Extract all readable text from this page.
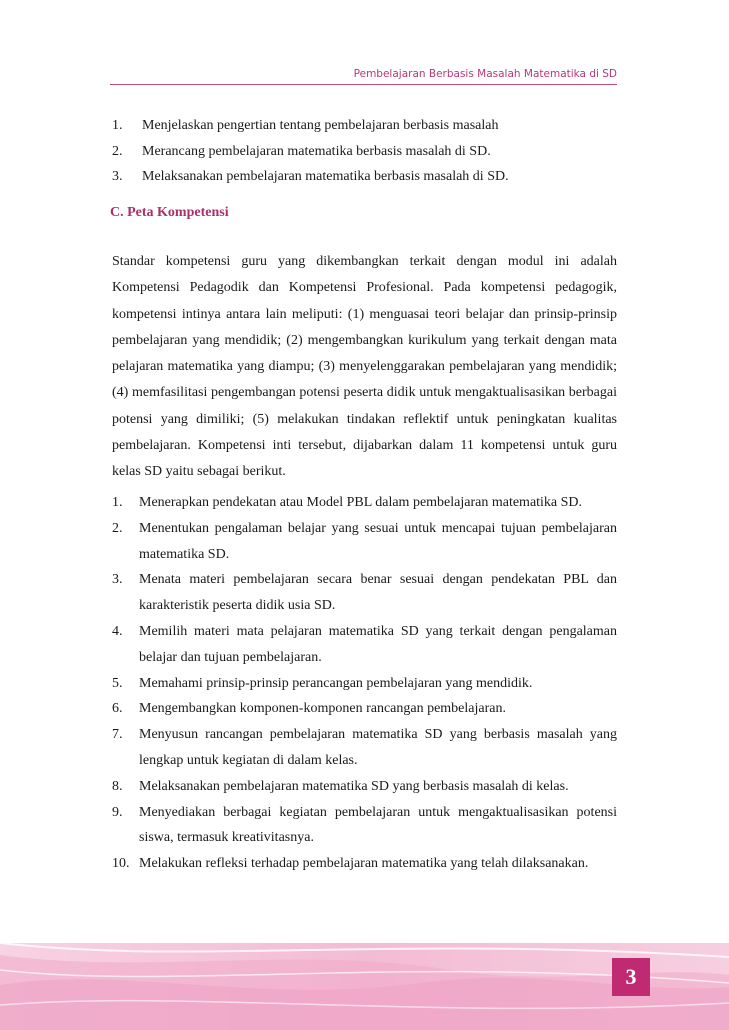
Pembelajaran Berbasis Masalah Matematika di SD
1.	Menjelaskan pengertian tentang pembelajaran berbasis masalah
2.	Merancang pembelajaran matematika berbasis masalah di SD.
3.	Melaksanakan pembelajaran matematika berbasis masalah di SD.
C. Peta Kompetensi

Standar kompetensi guru yang dikembangkan terkait dengan modul ini adalah Kompetensi Pedagodik dan Kompetensi Profesional. Pada kompetensi pedagogik, kompetensi intinya antara lain meliputi: (1) menguasai teori belajar dan prinsip-prinsip pembelajaran yang mendidik; (2) mengembangkan kurikulum yang terkait dengan mata pelajaran matematika yang diampu; (3) menyelenggarakan pembelajaran yang mendidik; (4) memfasilitasi pengembangan potensi peserta didik untuk mengaktualisasikan berbagai potensi yang dimiliki; (5) melakukan tindakan reflektif untuk peningkatan kualitas pembelajaran. Kompetensi inti tersebut, dijabarkan dalam 11 kompetensi untuk guru kelas SD yaitu sebagai berikut.

1.	Menerapkan pendekatan atau Model PBL dalam pembelajaran matematika SD.
2.	Menentukan pengalaman belajar yang sesuai untuk mencapai tujuan pembelajaran matematika SD.
3.	Menata materi pembelajaran secara benar sesuai dengan pendekatan PBL dan karakteristik peserta didik usia SD.
4.	Memilih materi mata pelajaran matematika SD yang terkait dengan pengalaman belajar dan tujuan pembelajaran.
5.	Memahami prinsip-prinsip perancangan pembelajaran yang mendidik.
6.	Mengembangkan komponen-komponen rancangan pembelajaran.
7.	Menyusun rancangan pembelajaran matematika SD yang berbasis masalah yang lengkap untuk kegiatan di dalam kelas.
8.	Melaksanakan pembelajaran matematika SD yang berbasis masalah di kelas.
9.	Menyediakan berbagai kegiatan pembelajaran untuk mengaktualisasikan potensi siswa, termasuk kreativitasnya.
10. Melakukan refleksi terhadap pembelajaran matematika yang telah dilaksanakan.
3
